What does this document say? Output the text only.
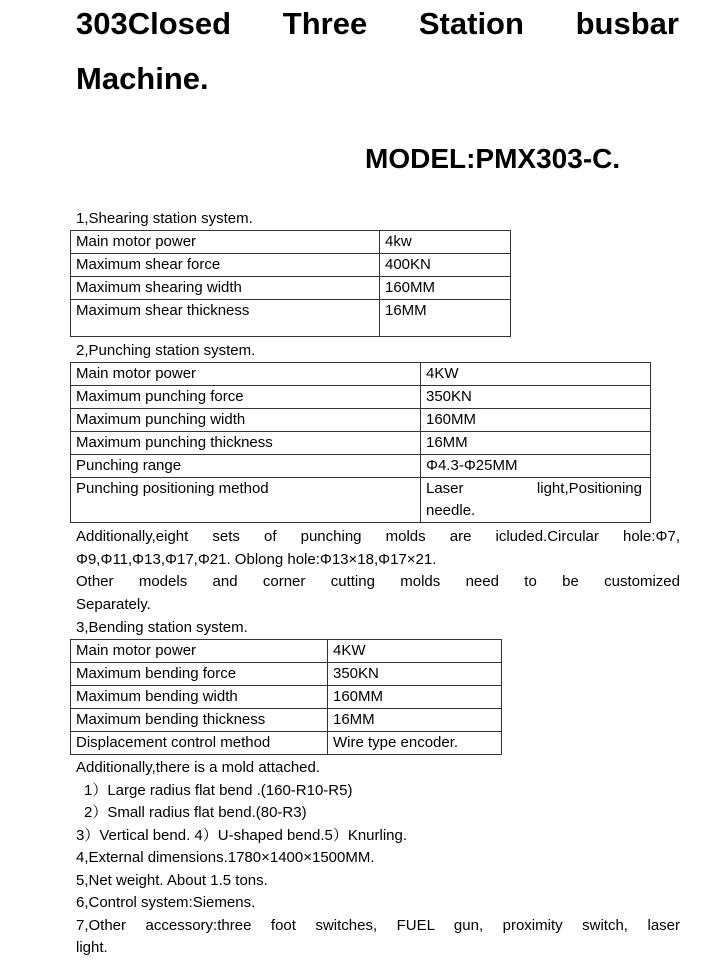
303Closed Three Station busbar
Machine.
MODEL:PMX303-C.
1,Shearing station system.
Main motor power	4kw
Maximum shear force	400KN
Maximum shearing width	160MM
Maximum shear thickness	16MM
2,Punching station system.
Main motor power	4KW
Maximum punching force	350KN
Maximum punching width	160MM
Maximum punching thickness	16MM
Punching range	Φ4.3-Φ25MM
Punching positioning method	Laser light,Positioning
needle.
Additionally,eight sets of punching molds are icluded.Circular hole:Φ7,
Φ9,Φ11,Φ13,Φ17,Φ21. Oblong hole:Φ13×18,Φ17×21.
Other models and corner cutting molds need to be customized
Separately.
3,Bending station system.
Main motor power	4KW
Maximum bending force	350KN
Maximum bending width	160MM
Maximum bending thickness	16MM
Displacement control method	Wire type encoder.
Additionally,there is a mold attached.
1）Large radius flat bend .(160-R10-R5)
2）Small radius flat bend.(80-R3)
3）Vertical bend. 4）U-shaped bend.5）Knurling.
4,External dimensions.1780×1400×1500MM.
5,Net weight. About 1.5 tons.
6,Control system:Siemens.
7,Other accessory:three foot switches, FUEL gun, proximity switch, laser
light.
